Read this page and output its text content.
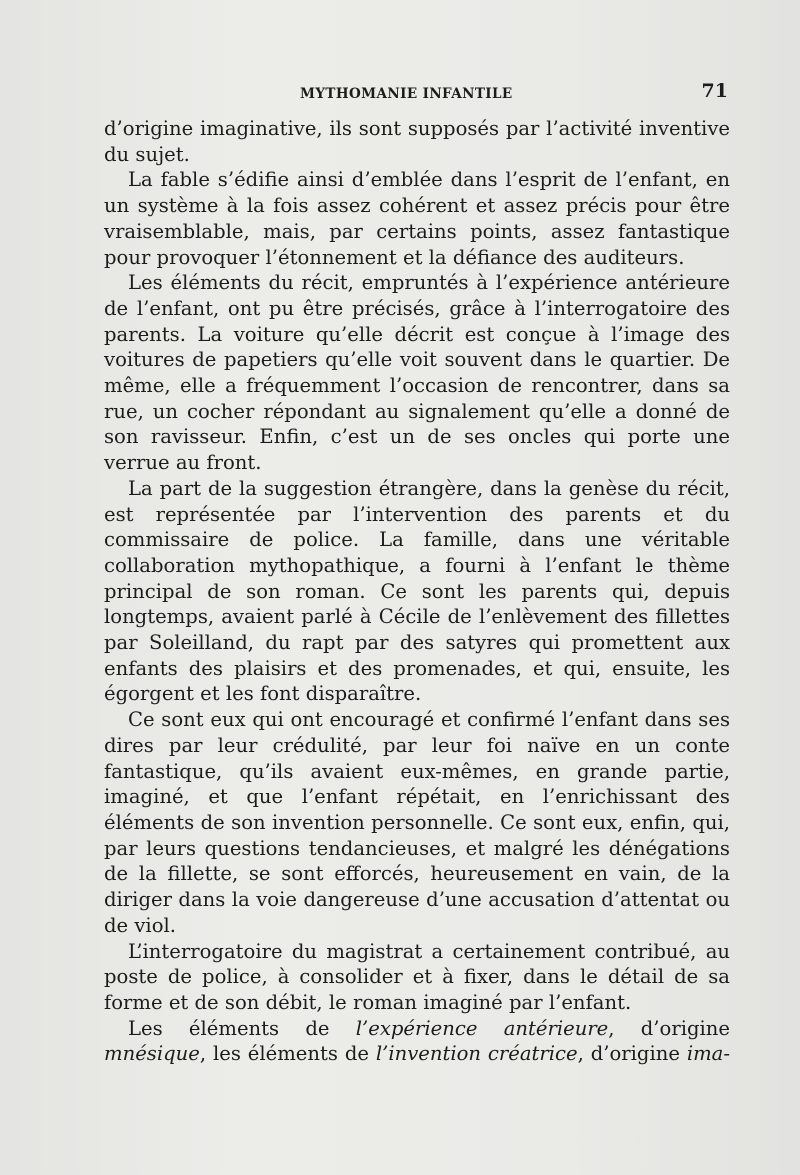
MYTHOMANIE INFANTILE	71

d’origine imaginative, ils sont supposés par l’activité inventive du sujet.

La fable s’édifie ainsi d’emblée dans l’esprit de l’enfant, en un système à la fois assez cohérent et assez précis pour être vraisemblable, mais, par certains points, assez fantastique pour provoquer l’étonnement et la défiance des auditeurs.

Les éléments du récit, empruntés à l’expérience antérieure de l’enfant, ont pu être précisés, grâce à l’interrogatoire des parents. La voiture qu’elle décrit est conçue à l’image des voitures de papetiers qu’elle voit souvent dans le quartier. De même, elle a fréquemment l’occasion de rencontrer, dans sa rue, un cocher répondant au signalement qu’elle a donné de son ravisseur. Enfin, c’est un de ses oncles qui porte une verrue au front.

La part de la suggestion étrangère, dans la genèse du récit, est représentée par l’intervention des parents et du commissaire de police. La famille, dans une véritable collaboration mythopathique, a fourni à l’enfant le thème principal de son roman. Ce sont les parents qui, depuis longtemps, avaient parlé à Cécile de l’enlèvement des fillettes par Soleilland, du rapt par des satyres qui promettent aux enfants des plaisirs et des promenades, et qui, ensuite, les égorgent et les font disparaître.

Ce sont eux qui ont encouragé et confirmé l’enfant dans ses dires par leur crédulité, par leur foi naïve en un conte fantastique, qu’ils avaient eux-mêmes, en grande partie, imaginé, et que l’enfant répétait, en l’enrichissant des éléments de son invention personnelle. Ce sont eux, enfin, qui, par leurs questions tendancieuses, et malgré les dénégations de la fillette, se sont efforcés, heureusement en vain, de la diriger dans la voie dangereuse d’une accusation d’attentat ou de viol.

L’interrogatoire du magistrat a certainement contribué, au poste de police, à consolider et à fixer, dans le détail de sa forme et de son débit, le roman imaginé par l’enfant.

Les éléments de l’expérience antérieure, d’origine mnésique, les éléments de l’invention créatrice, d’origine ima-
